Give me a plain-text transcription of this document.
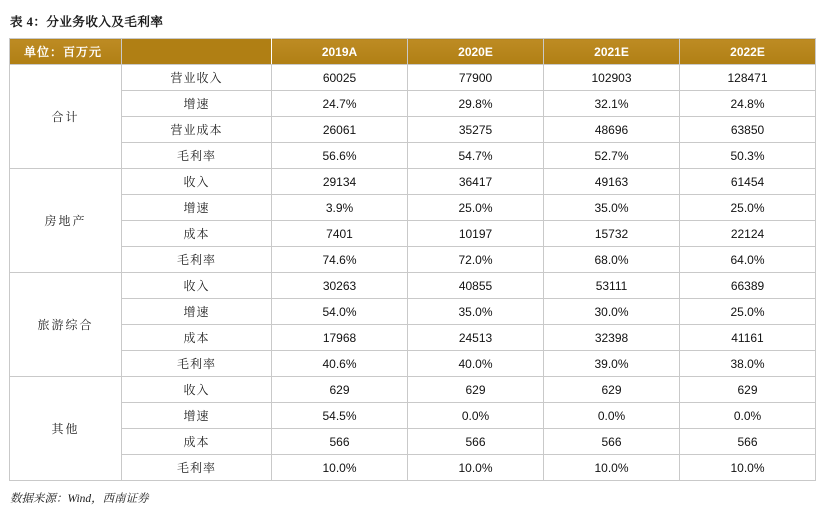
表 4：分业务收入及毛利率
单位：百万元		2019A	2020E	2021E	2022E
合计	营业收入	60025	77900	102903	128471
	增速	24.7%	29.8%	32.1%	24.8%
	营业成本	26061	35275	48696	63850
	毛利率	56.6%	54.7%	52.7%	50.3%
房地产	收入	29134	36417	49163	61454
	增速	3.9%	25.0%	35.0%	25.0%
	成本	7401	10197	15732	22124
	毛利率	74.6%	72.0%	68.0%	64.0%
旅游综合	收入	30263	40855	53111	66389
	增速	54.0%	35.0%	30.0%	25.0%
	成本	17968	24513	32398	41161
	毛利率	40.6%	40.0%	39.0%	38.0%
其他	收入	629	629	629	629
	增速	54.5%	0.0%	0.0%	0.0%
	成本	566	566	566	566
	毛利率	10.0%	10.0%	10.0%	10.0%
数据来源：Wind，西南证券
